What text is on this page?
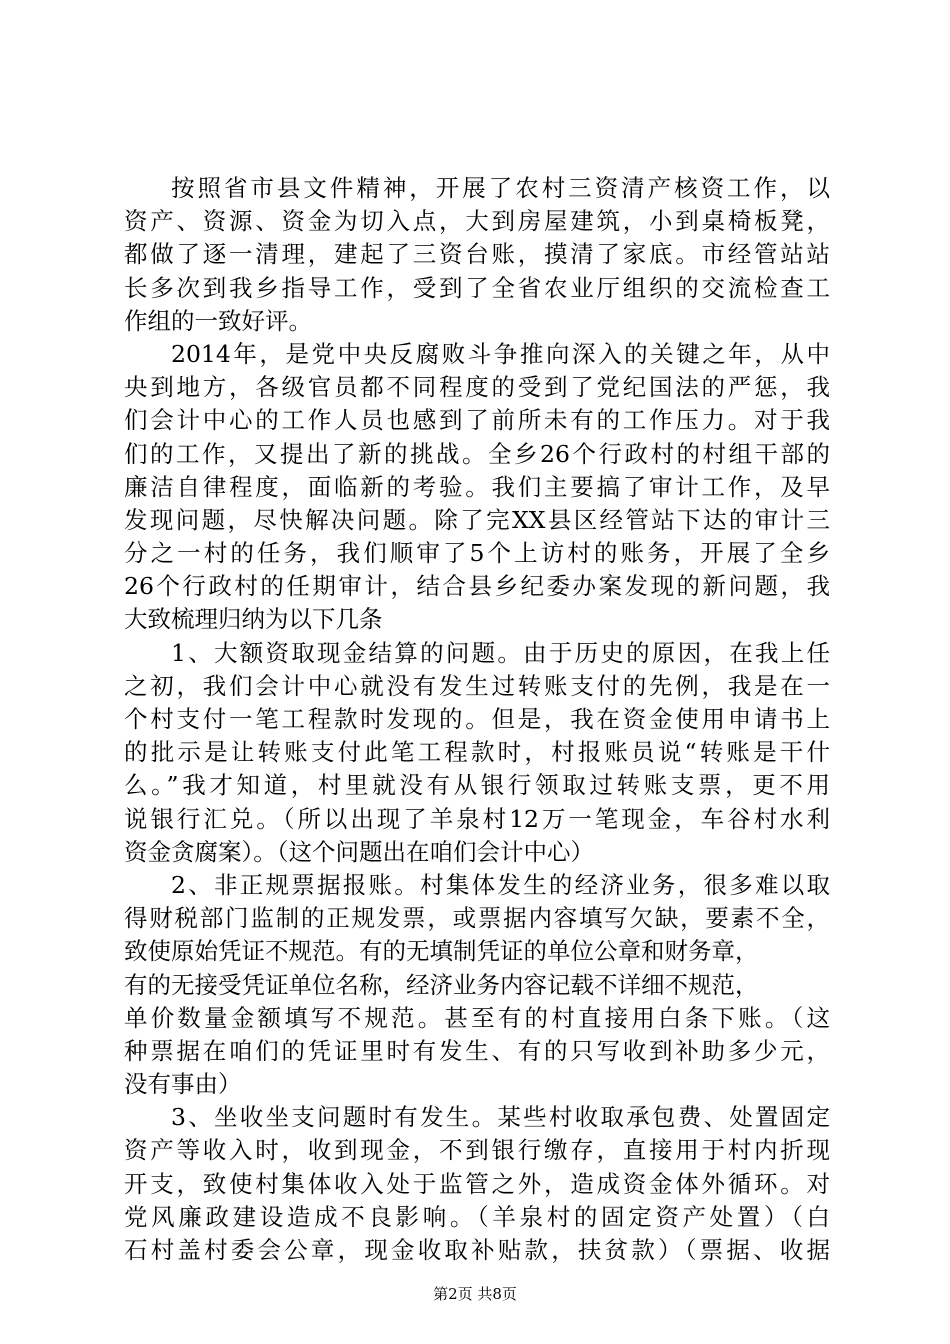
按照省市县文件精神，开展了农村三资清产核资工作，以
资产、资源、资金为切入点，大到房屋建筑，小到桌椅板凳，
都做了逐一清理，建起了三资台账，摸清了家底。市经管站站
长多次到我乡指导工作，受到了全省农业厅组织的交流检查工
作组的一致好评。
2014年，是党中央反腐败斗争推向深入的关键之年，从中
央到地方，各级官员都不同程度的受到了党纪国法的严惩，我
们会计中心的工作人员也感到了前所未有的工作压力。对于我
们的工作，又提出了新的挑战。全乡26个行政村的村组干部的
廉洁自律程度，面临新的考验。我们主要搞了审计工作，及早
发现问题，尽快解决问题。除了完XX县区经管站下达的审计三
分之一村的任务，我们顺审了5个上访村的账务，开展了全乡
26个行政村的任期审计，结合县乡纪委办案发现的新问题，我
大致梳理归纳为以下几条
1、大额资取现金结算的问题。由于历史的原因，在我上任
之初，我们会计中心就没有发生过转账支付的先例，我是在一
个村支付一笔工程款时发现的。但是，我在资金使用申请书上
的批示是让转账支付此笔工程款时，村报账员说“转账是干什
么。”我才知道，村里就没有从银行领取过转账支票，更不用
说银行汇兑。（所以出现了羊泉村12万一笔现金，车谷村水利
资金贪腐案）。（这个问题出在咱们会计中心）
2、非正规票据报账。村集体发生的经济业务，很多难以取
得财税部门监制的正规发票，或票据内容填写欠缺，要素不全，
致使原始凭证不规范。有的无填制凭证的单位公章和财务章，
有的无接受凭证单位名称，经济业务内容记载不详细不规范，
单价数量金额填写不规范。甚至有的村直接用白条下账。（这
种票据在咱们的凭证里时有发生、有的只写收到补助多少元，
没有事由）
3、坐收坐支问题时有发生。某些村收取承包费、处置固定
资产等收入时，收到现金，不到银行缴存，直接用于村内折现
开支，致使村集体收入处于监管之外，造成资金体外循环。对
党风廉政建设造成不良影响。（羊泉村的固定资产处置）（白
石村盖村委会公章，现金收取补贴款，扶贫款）（票据、收据
第2页 共8页
